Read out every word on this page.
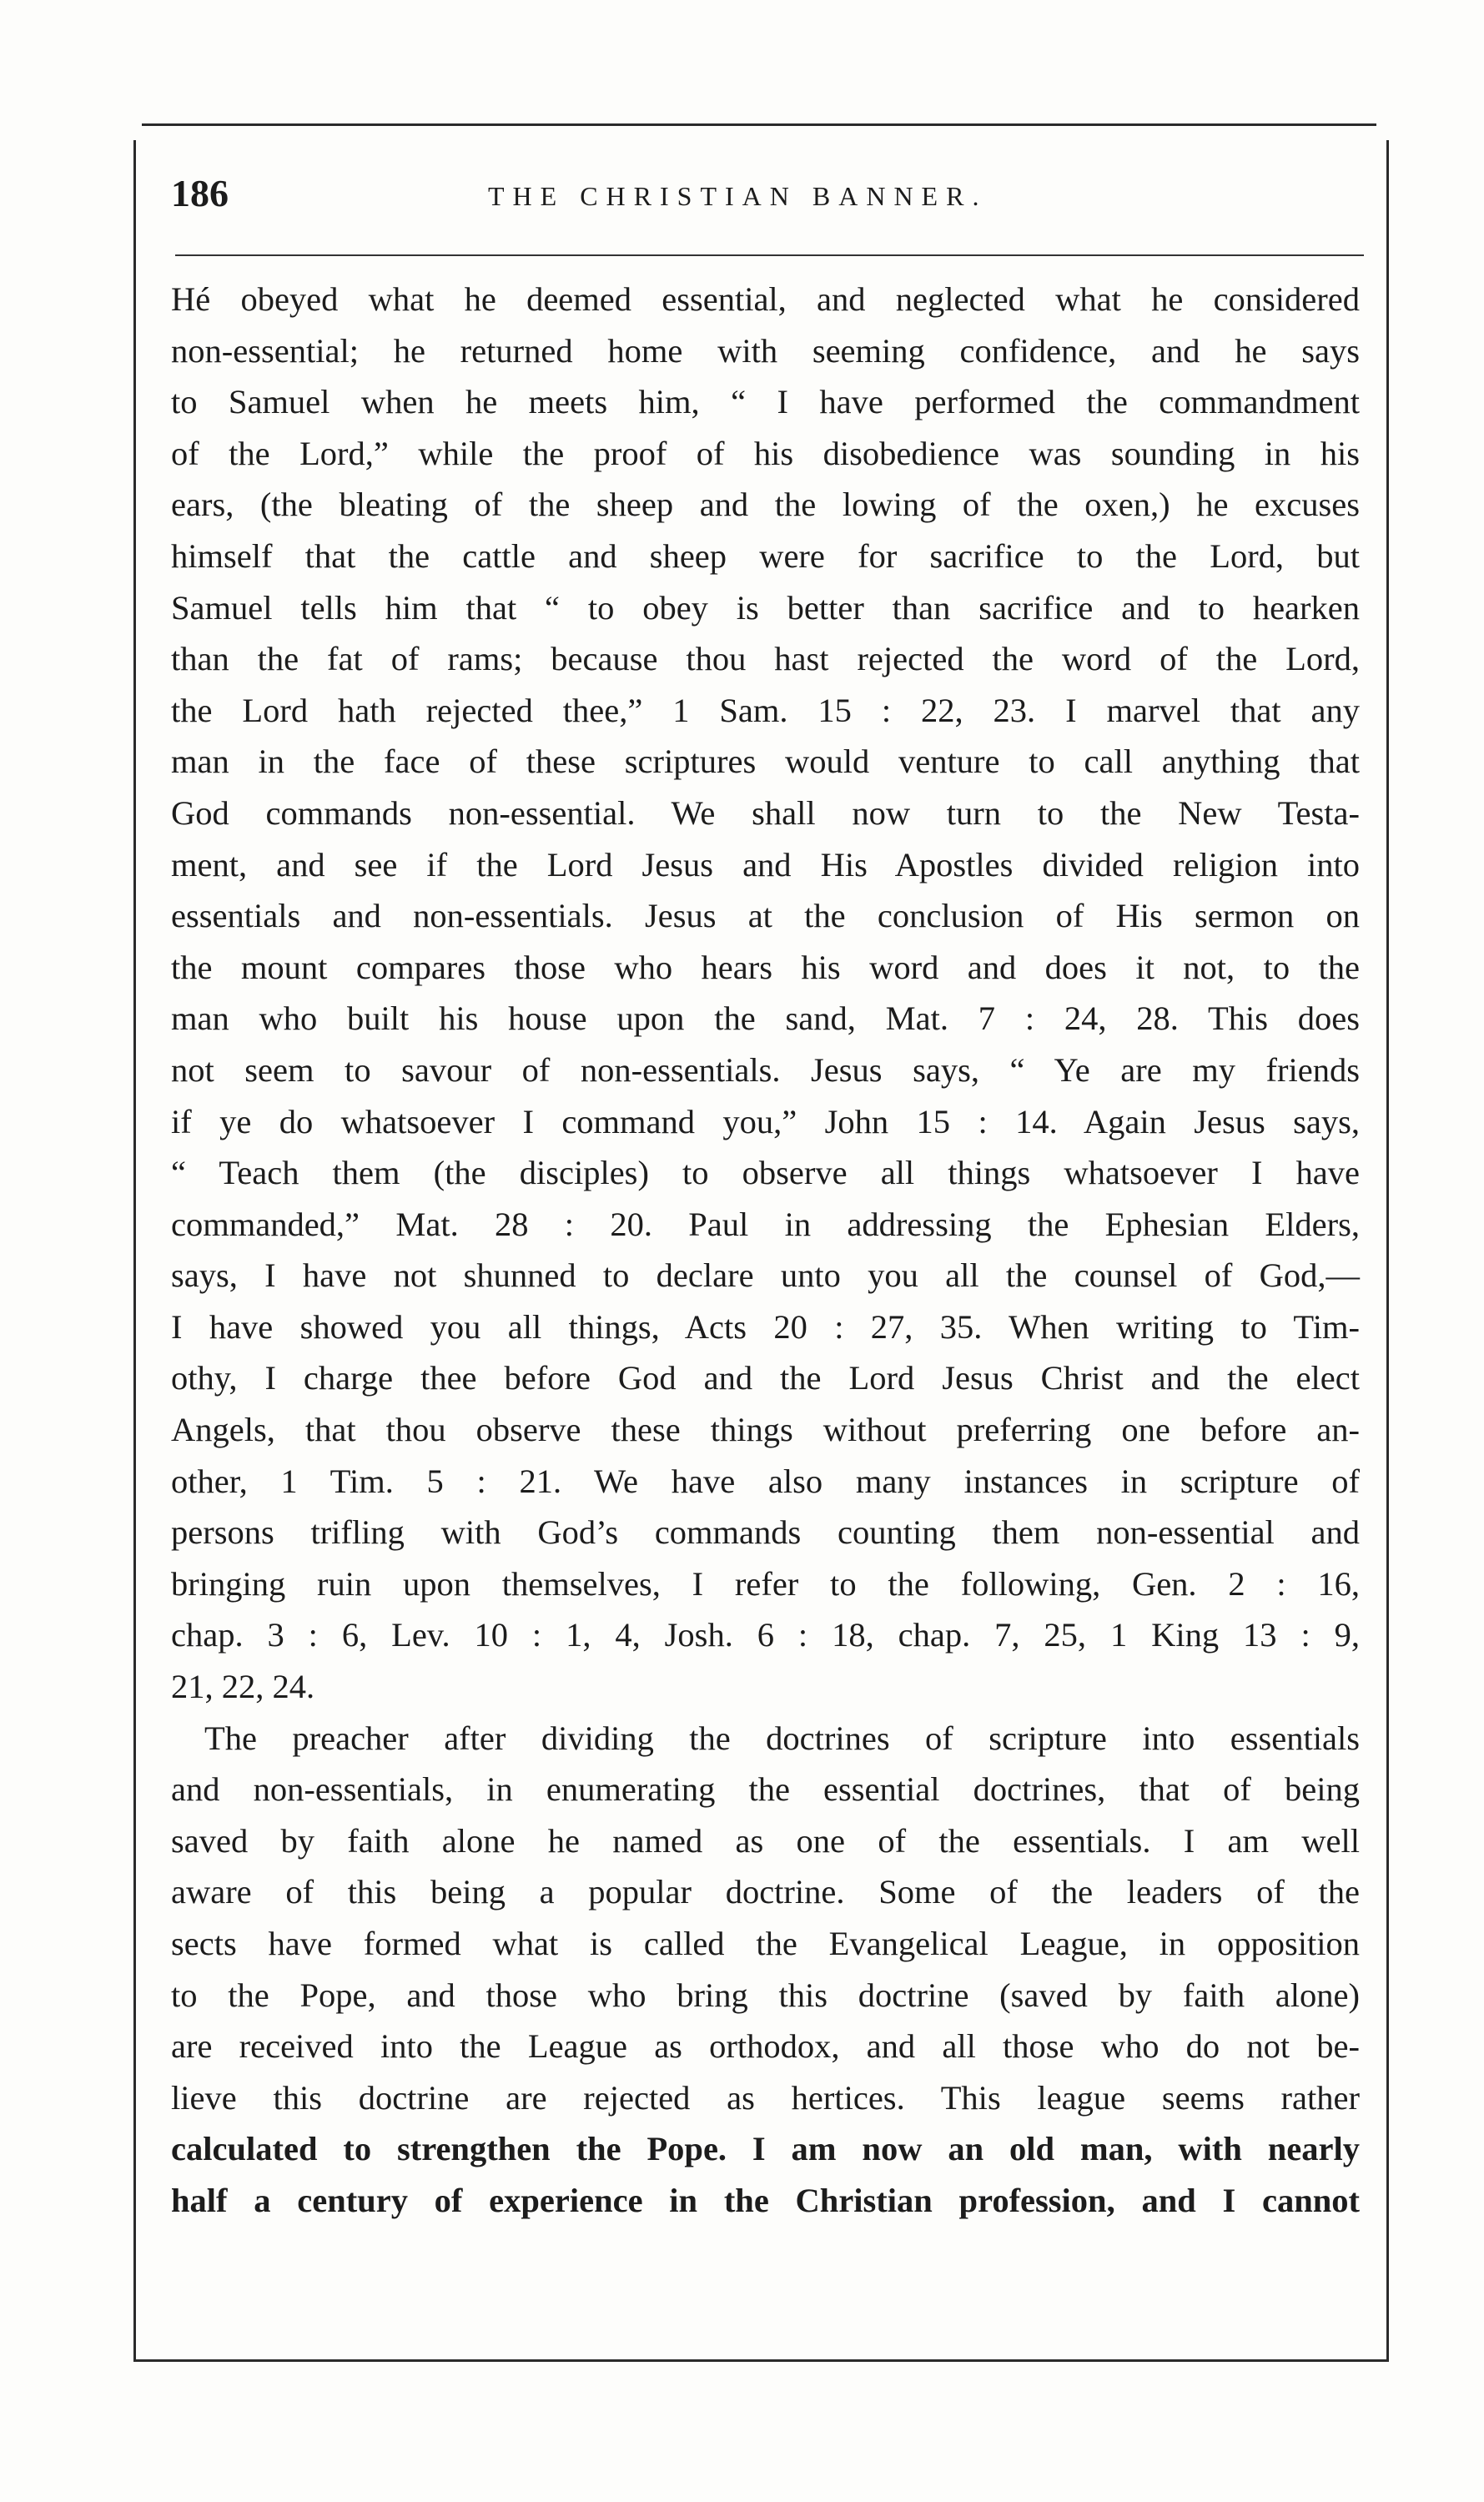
186	THE CHRISTIAN BANNER.
Hé obeyed what he deemed essential, and neglected what he considered
non-essential; he returned home with seeming confidence, and he says
to Samuel when he meets him, “ I have performed the commandment
of the Lord,” while the proof of his disobedience was sounding in his
ears, (the bleating of the sheep and the lowing of the oxen,) he excuses
himself that the cattle and sheep were for sacrifice to the Lord, but
Samuel tells him that “ to obey is better than sacrifice and to hearken
than the fat of rams; because thou hast rejected the word of the Lord,
the Lord hath rejected thee,” 1 Sam. 15 : 22, 23. I marvel that any
man in the face of these scriptures would venture to call anything that
God commands non-essential. We shall now turn to the New Testa-
ment, and see if the Lord Jesus and His Apostles divided religion into
essentials and non-essentials. Jesus at the conclusion of His sermon on
the mount compares those who hears his word and does it not, to the
man who built his house upon the sand, Mat. 7 : 24, 28. This does
not seem to savour of non-essentials. Jesus says, “ Ye are my friends
if ye do whatsoever I command you,” John 15 : 14. Again Jesus says,
“ Teach them (the disciples) to observe all things whatsoever I have
commanded,” Mat. 28 : 20. Paul in addressing the Ephesian Elders,
says, I have not shunned to declare unto you all the counsel of God,—
I have showed you all things, Acts 20 : 27, 35. When writing to Tim-
othy, I charge thee before God and the Lord Jesus Christ and the elect
Angels, that thou observe these things without preferring one before an-
other, 1 Tim. 5 : 21. We have also many instances in scripture of
persons trifling with God’s commands counting them non-essential and
bringing ruin upon themselves, I refer to the following, Gen. 2 : 16,
chap. 3 : 6, Lev. 10 : 1, 4, Josh. 6 : 18, chap. 7, 25, 1 King 13 : 9,
21, 22, 24.
The preacher after dividing the doctrines of scripture into essentials
and non-essentials, in enumerating the essential doctrines, that of being
saved by faith alone he named as one of the essentials. I am well
aware of this being a popular doctrine. Some of the leaders of the
sects have formed what is called the Evangelical League, in opposition
to the Pope, and those who bring this doctrine (saved by faith alone)
are received into the League as orthodox, and all those who do not be-
lieve this doctrine are rejected as hertices. This league seems rather
calculated to strengthen the Pope. I am now an old man, with nearly
half a century of experience in the Christian profession, and I cannot
